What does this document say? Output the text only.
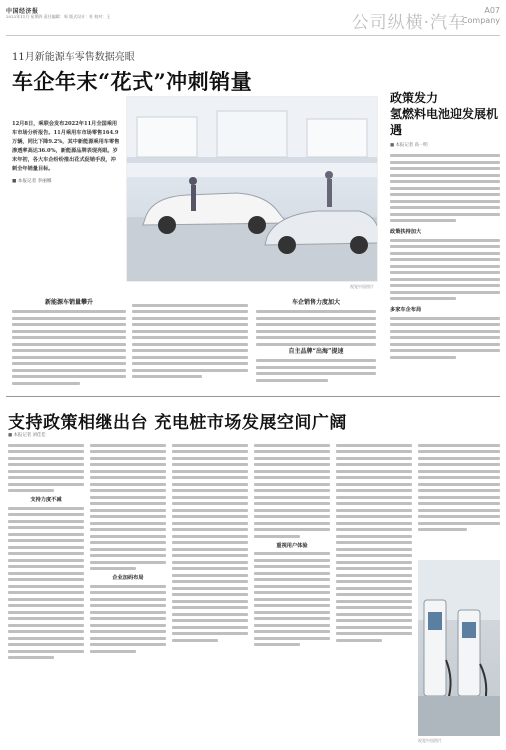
中国经济报
2022年11月 星期四 责任编辑：周 版式设计：杜 校对：王	公司纵横·汽车
A07
Company
11月新能源车零售数据亮眼
车企年末“花式”冲刺销量
12月8日，乘联会发布2022年11月全国乘用车市场分析报告。11月乘用车市场零售164.9万辆，同比下降9.2%，其中新能源乘用车零售渗透率高达36.0%，新能源品牌表现亮眼。岁末年初，各大车企纷纷推出花式促销手段，冲刺全年销量目标。
■ 本报记者 李丽娜
视觉中国图片
新能源车销量攀升	车企销售力度加大
自主品牌“出海”提速
政策发力
氢燃料电池迎发展机遇
■ 本报记者 高一明
政策扶持加大
多家车企布局
支持政策相继出台 充电桩市场发展空间广阔
■ 本报记者 刘佳佳
支持力度不减
企业加码布局
重视用户体验
视觉中国图片
